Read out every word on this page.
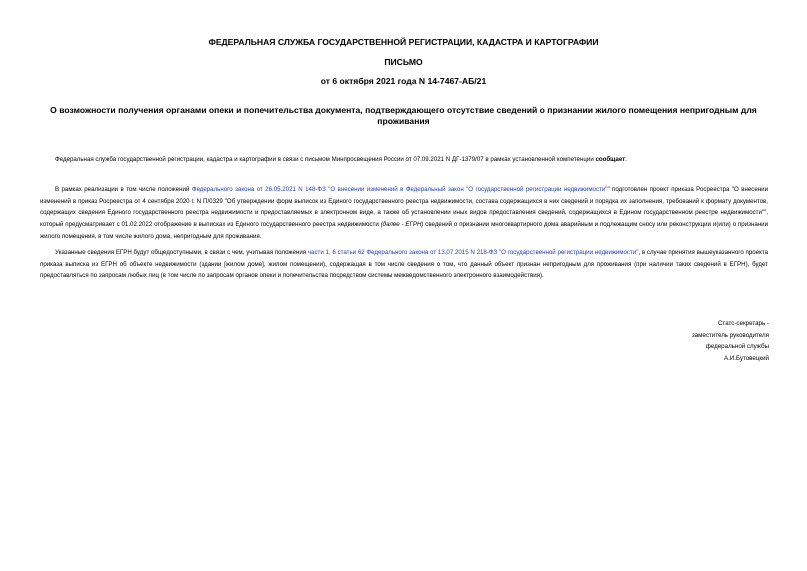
ФЕДЕРАЛЬНАЯ СЛУЖБА ГОСУДАРСТВЕННОЙ РЕГИСТРАЦИИ, КАДАСТРА И КАРТОГРАФИИ
ПИСЬМО
от 6 октября 2021 года N 14-7467-АБ/21
О возможности получения органами опеки и попечительства документа, подтверждающего отсутствие сведений о признании жилого помещения непригодным для проживания
Федеральная служба государственной регистрации, кадастра и картографии в связи с письмом Минпросвещения России от 07.09.2021 N ДГ-1379/07 в рамках установленной компетенции сообщает.
В рамках реализации в том числе положений Федерального закона от 26.05.2021 N 148-ФЗ "О внесении изменений в Федеральный закон "О государственной регистрации недвижимости"" подготовлен проект приказа Росреестра "О внесении изменений в приказ Росреестра от 4 сентября 2020 г. N П/0329 "Об утверждении форм выписок из Единого государственного реестра недвижимости, состава содержащихся в них сведений и порядка их заполнения, требований к формату документов, содержащих сведения Единого государственного реестра недвижимости и предоставляемых в электронном виде, а также об установлении иных видов предоставления сведений, содержащихся в Едином государственном реестре недвижимости"", который предусматривает с 01.02.2022 отображение в выписках из Единого государственного реестра недвижимости (далее - ЕГРН) сведений о признании многоквартирного дома аварийным и подлежащим сносу или реконструкции и(или) о признании жилого помещения, в том числе жилого дома, непригодным для проживания.
Указанные сведения ЕГРН будут общедоступными, в связи с чем, учитывая положения части 1, 6 статьи 62 Федерального закона от 13.07.2015 N 218-ФЗ "О государственной регистрации недвижимости", в случае принятия вышеуказанного проекта приказа выписка из ЕГРН об объекте недвижимости (здании [жилом доме], жилом помещении), содержащая в том числе сведения о том, что данный объект признан непригодным для проживания (при наличии таких сведений в ЕГРН), будет предоставляться по запросам любых лиц (в том числе по запросам органов опеки и попечительства посредством системы межведомственного электронного взаимодействия).
Статс-секретарь -
заместитель руководителя
федеральной службы
А.И.Бутовецкий
